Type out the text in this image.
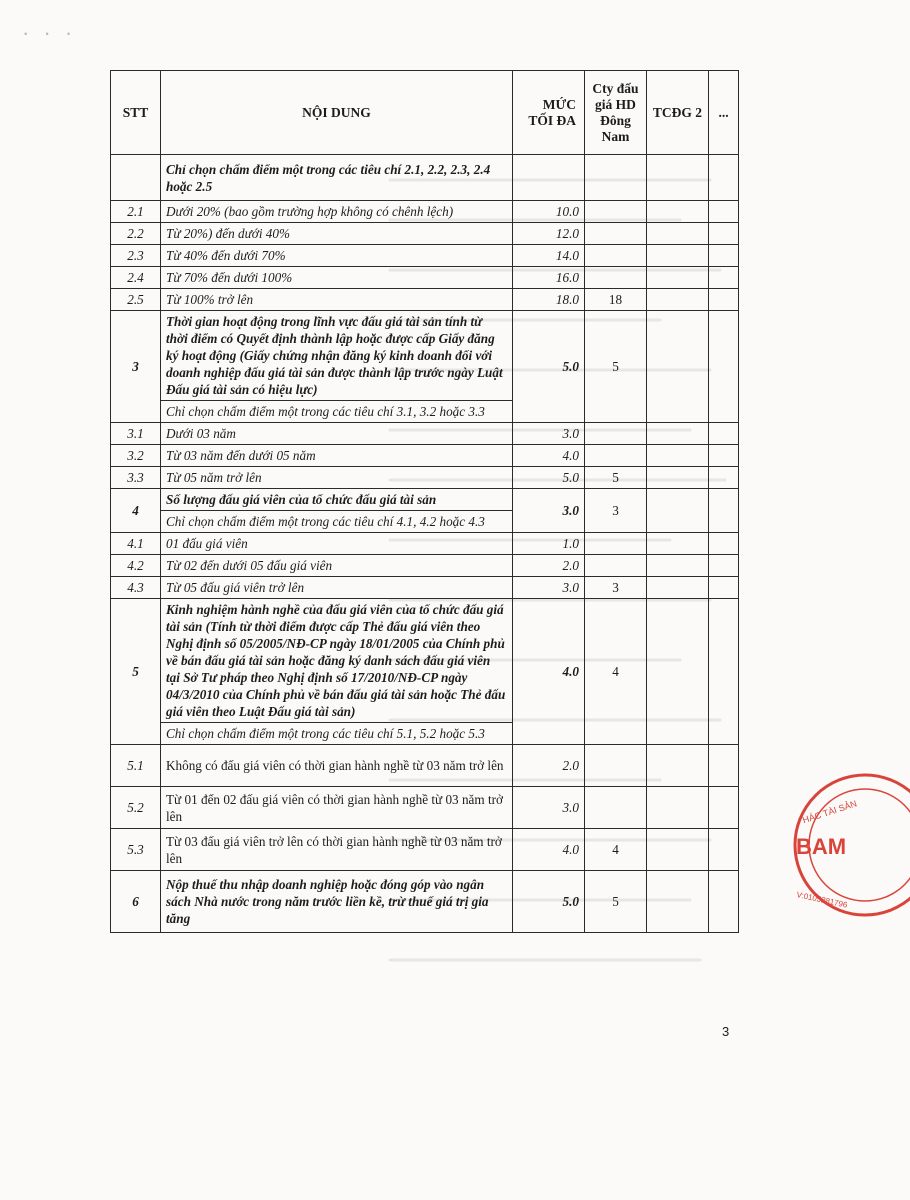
· · ·
STT	NỘI DUNG	MỨC TỐI ĐA	Cty đấu giá HD Đông Nam	TCĐG 2	...
	Chỉ chọn chấm điểm một trong các tiêu chí 2.1, 2.2, 2.3, 2.4 hoặc 2.5				
2.1	Dưới 20% (bao gồm trường hợp không có chênh lệch)	10.0			
2.2	Từ 20%) đến dưới 40%	12.0			
2.3	Từ 40% đến dưới 70%	14.0			
2.4	Từ 70% đến dưới 100%	16.0			
2.5	Từ 100% trở lên	18.0	18		
3	Thời gian hoạt động trong lĩnh vực đấu giá tài sản tính từ thời điểm có Quyết định thành lập hoặc được cấp Giấy đăng ký hoạt động (Giấy chứng nhận đăng ký kinh doanh đối với doanh nghiệp đấu giá tài sản được thành lập trước ngày Luật Đấu giá tài sản có hiệu lực)	5.0	5		
	Chỉ chọn chấm điểm một trong các tiêu chí 3.1, 3.2 hoặc 3.3				
3.1	Dưới 03 năm	3.0			
3.2	Từ 03 năm đến dưới 05 năm	4.0			
3.3	Từ 05 năm trở lên	5.0	5		
4	Số lượng đấu giá viên của tổ chức đấu giá tài sản	3.0	3		
	Chỉ chọn chấm điểm một trong các tiêu chí 4.1, 4.2 hoặc 4.3				
4.1	01 đấu giá viên	1.0			
4.2	Từ 02 đến dưới 05 đấu giá viên	2.0			
4.3	Từ 05 đấu giá viên trở lên	3.0	3		
5	Kinh nghiệm hành nghề của đấu giá viên của tổ chức đấu giá tài sản (Tính từ thời điểm được cấp Thẻ đấu giá viên theo Nghị định số 05/2005/NĐ-CP ngày 18/01/2005 của Chính phủ về bán đấu giá tài sản hoặc đăng ký danh sách đấu giá viên tại Sở Tư pháp theo Nghị định số 17/2010/NĐ-CP ngày 04/3/2010 của Chính phủ về bán đấu giá tài sản hoặc Thẻ đấu giá viên theo Luật Đấu giá tài sản)	4.0	4		
	Chỉ chọn chấm điểm một trong các tiêu chí 5.1, 5.2 hoặc 5.3				
5.1	Không có đấu giá viên có thời gian hành nghề từ 03 năm trở lên	2.0			
5.2	Từ 01 đến 02 đấu giá viên có thời gian hành nghề từ 03 năm trở lên	3.0			
5.3	Từ 03 đấu giá viên trở lên có thời gian hành nghề từ 03 năm trở lên	4.0	4		
6	Nộp thuế thu nhập doanh nghiệp hoặc đóng góp vào ngân sách Nhà nước trong năm trước liền kề, trừ thuế giá trị gia tăng	5.0	5		
3
HÁC TÀI SẢN
BAM
V:0105281796
